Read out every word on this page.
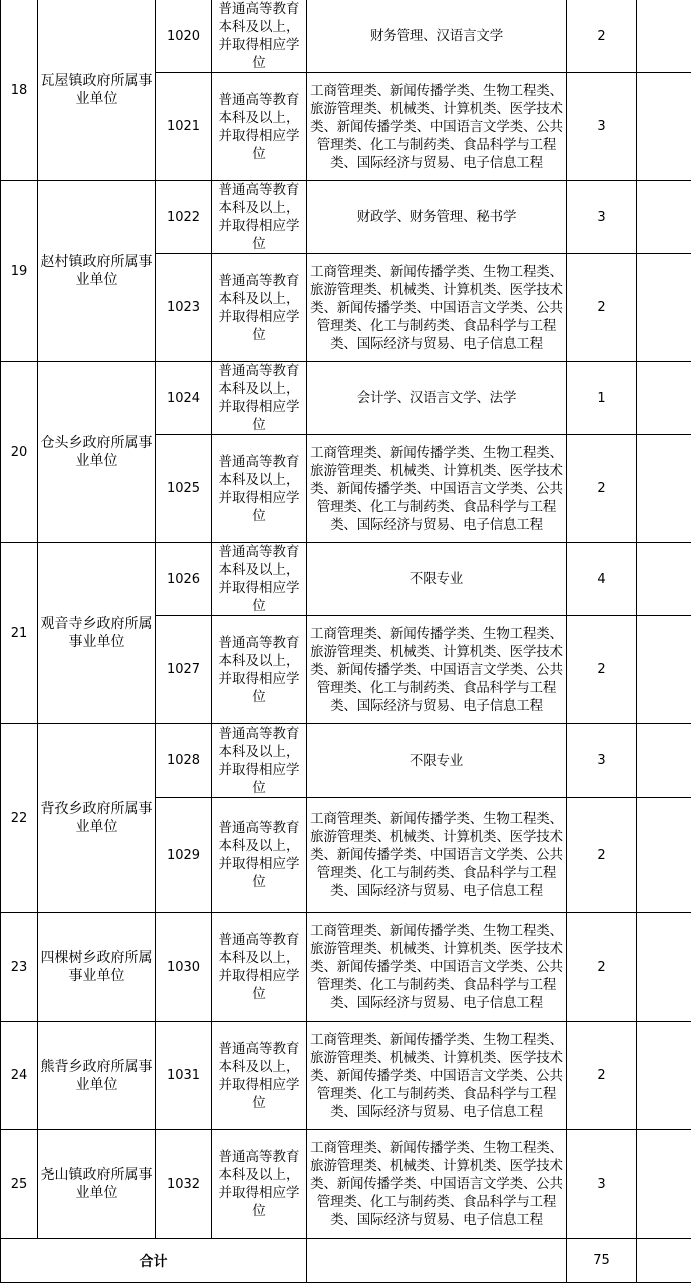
18	瓦屋镇政府所属事业单位	1020	普通高等教育本科及以上，并取得相应学位	财务管理、汉语言文学	2	
		1021	普通高等教育本科及以上，并取得相应学位	工商管理类、新闻传播学类、生物工程类、旅游管理类、机械类、计算机类、医学技术类、新闻传播学类、中国语言文学类、公共管理类、化工与制药类、食品科学与工程类、国际经济与贸易、电子信息工程	3	
19	赵村镇政府所属事业单位	1022	普通高等教育本科及以上，并取得相应学位	财政学、财务管理、秘书学	3	
		1023	普通高等教育本科及以上，并取得相应学位	工商管理类、新闻传播学类、生物工程类、旅游管理类、机械类、计算机类、医学技术类、新闻传播学类、中国语言文学类、公共管理类、化工与制药类、食品科学与工程类、国际经济与贸易、电子信息工程	2	
20	仓头乡政府所属事业单位	1024	普通高等教育本科及以上，并取得相应学位	会计学、汉语言文学、法学	1	
		1025	普通高等教育本科及以上，并取得相应学位	工商管理类、新闻传播学类、生物工程类、旅游管理类、机械类、计算机类、医学技术类、新闻传播学类、中国语言文学类、公共管理类、化工与制药类、食品科学与工程类、国际经济与贸易、电子信息工程	2	
21	观音寺乡政府所属事业单位	1026	普通高等教育本科及以上，并取得相应学位	不限专业	4	
		1027	普通高等教育本科及以上，并取得相应学位	工商管理类、新闻传播学类、生物工程类、旅游管理类、机械类、计算机类、医学技术类、新闻传播学类、中国语言文学类、公共管理类、化工与制药类、食品科学与工程类、国际经济与贸易、电子信息工程	2	
22	背孜乡政府所属事业单位	1028	普通高等教育本科及以上，并取得相应学位	不限专业	3	
		1029	普通高等教育本科及以上，并取得相应学位	工商管理类、新闻传播学类、生物工程类、旅游管理类、机械类、计算机类、医学技术类、新闻传播学类、中国语言文学类、公共管理类、化工与制药类、食品科学与工程类、国际经济与贸易、电子信息工程	2	
23	四棵树乡政府所属事业单位	1030	普通高等教育本科及以上，并取得相应学位	工商管理类、新闻传播学类、生物工程类、旅游管理类、机械类、计算机类、医学技术类、新闻传播学类、中国语言文学类、公共管理类、化工与制药类、食品科学与工程类、国际经济与贸易、电子信息工程	2	
24	熊背乡政府所属事业单位	1031	普通高等教育本科及以上，并取得相应学位	工商管理类、新闻传播学类、生物工程类、旅游管理类、机械类、计算机类、医学技术类、新闻传播学类、中国语言文学类、公共管理类、化工与制药类、食品科学与工程类、国际经济与贸易、电子信息工程	2	
25	尧山镇政府所属事业单位	1032	普通高等教育本科及以上，并取得相应学位	工商管理类、新闻传播学类、生物工程类、旅游管理类、机械类、计算机类、医学技术类、新闻传播学类、中国语言文学类、公共管理类、化工与制药类、食品科学与工程类、国际经济与贸易、电子信息工程	3	
合计					75	
